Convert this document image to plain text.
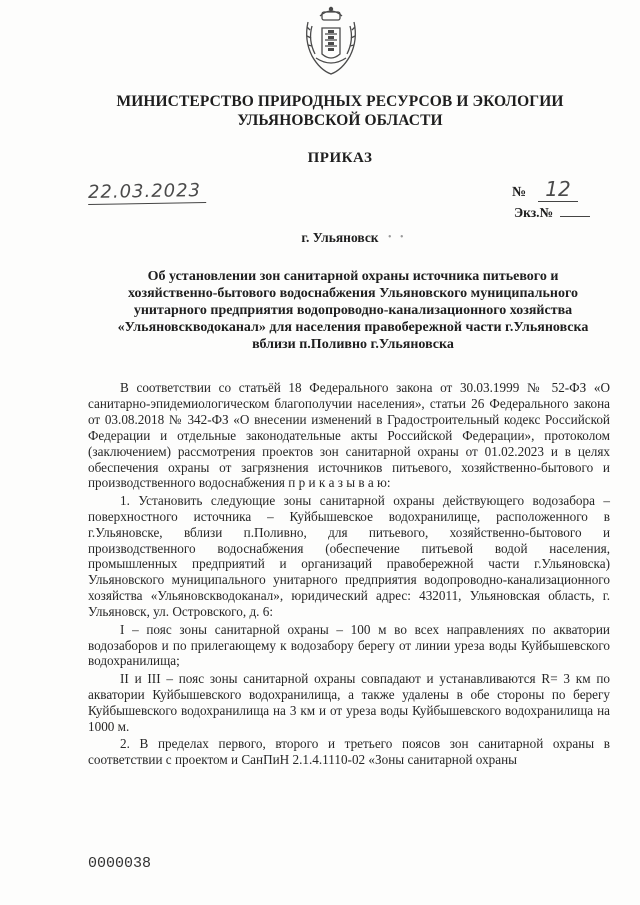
МИНИСТЕРСТВО ПРИРОДНЫХ РЕСУРСОВ И ЭКОЛОГИИ
УЛЬЯНОВСКОЙ ОБЛАСТИ
ПРИКАЗ
22.03.2023	№ 12
Экз.№
г. Ульяновск • •
Об установлении зон санитарной охраны источника питьевого и
хозяйственно-бытового водоснабжения Ульяновского муниципального
унитарного предприятия водопроводно-канализационного хозяйства
«Ульяновскводоканал» для населения правобережной части г.Ульяновска
вблизи п.Поливно г.Ульяновска

В соответствии со статьёй 18 Федерального закона от 30.03.1999 № 52-ФЗ «О санитарно-эпидемиологическом благополучии населения», статьи 26 Федерального закона от 03.08.2018 № 342-ФЗ «О внесении изменений в Градостроительный кодекс Российской Федерации и отдельные законодательные акты Российской Федерации», протоколом (заключением) рассмотрения проектов зон санитарной охраны от 01.02.2023 и в целях обеспечения охраны от загрязнения источников питьевого, хозяйственно-бытового и производственного водоснабжения п р и к а з ы в а ю:

1. Установить следующие зоны санитарной охраны действующего водозабора – поверхностного источника – Куйбышевское водохранилище, расположенного в г.Ульяновске, вблизи п.Поливно, для питьевого, хозяйственно-бытового и производственного водоснабжения (обеспечение питьевой водой населения, промышленных предприятий и организаций правобережной части г.Ульяновска) Ульяновского муниципального унитарного предприятия водопроводно-канализационного хозяйства «Ульяновскводоканал», юридический адрес: 432011, Ульяновская область, г. Ульяновск, ул. Островского, д. 6:

I – пояс зоны санитарной охраны – 100 м во всех направлениях по акватории водозаборов и по прилегающему к водозабору берегу от линии уреза воды Куйбышевского водохранилища;

II и III – пояс зоны санитарной охраны совпадают и устанавливаются R= 3 км по акватории Куйбышевского водохранилища, а также удалены в обе стороны по берегу Куйбышевского водохранилища на 3 км и от уреза воды Куйбышевского водохранилища на 1000 м.

2. В пределах первого, второго и третьего поясов зон санитарной охраны в соответствии с проектом и СанПиН 2.1.4.1110-02 «Зоны санитарной охраны

0000038
